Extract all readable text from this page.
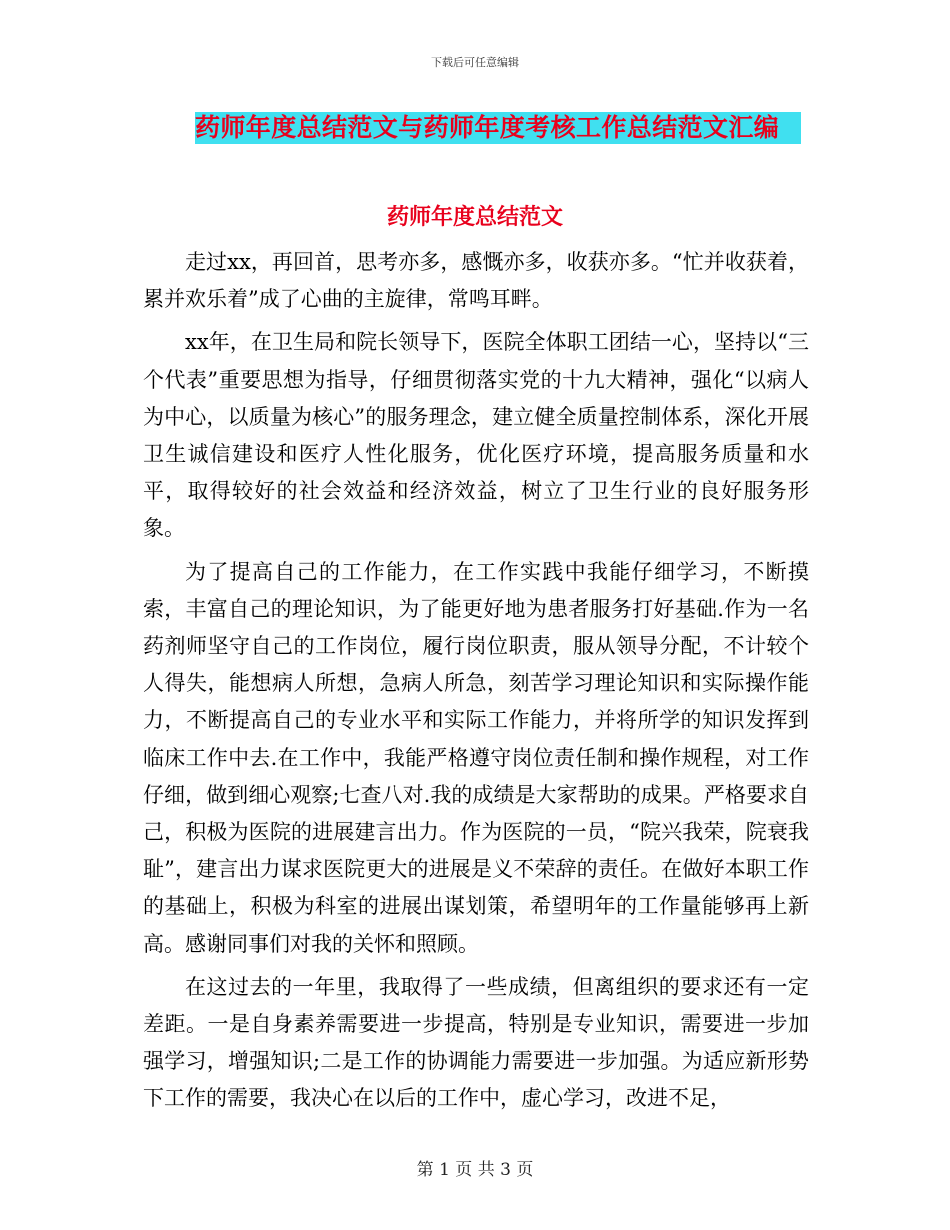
下载后可任意编辑
药师年度总结范文与药师年度考核工作总结范文汇编
药师年度总结范文

走过xx，再回首，思考亦多，感慨亦多，收获亦多。“忙并收获着，累并欢乐着”成了心曲的主旋律，常鸣耳畔。

xx年，在卫生局和院长领导下，医院全体职工团结一心，坚持以“三个代表”重要思想为指导，仔细贯彻落实党的十九大精神，强化“以病人为中心，以质量为核心”的服务理念，建立健全质量控制体系，深化开展卫生诚信建设和医疗人性化服务，优化医疗环境，提高服务质量和水平，取得较好的社会效益和经济效益，树立了卫生行业的良好服务形象。

为了提高自己的工作能力，在工作实践中我能仔细学习，不断摸索，丰富自己的理论知识，为了能更好地为患者服务打好基础.作为一名药剂师坚守自己的工作岗位，履行岗位职责，服从领导分配，不计较个人得失，能想病人所想，急病人所急，刻苦学习理论知识和实际操作能力，不断提高自己的专业水平和实际工作能力，并将所学的知识发挥到临床工作中去.在工作中，我能严格遵守岗位责任制和操作规程，对工作仔细，做到细心观察;七查八对.我的成绩是大家帮助的成果。严格要求自己，积极为医院的进展建言出力。作为医院的一员，“院兴我荣，院衰我耻”，建言出力谋求医院更大的进展是义不荣辞的责任。在做好本职工作的基础上，积极为科室的进展出谋划策，希望明年的工作量能够再上新高。感谢同事们对我的关怀和照顾。

在这过去的一年里，我取得了一些成绩，但离组织的要求还有一定差距。一是自身素养需要进一步提高，特别是专业知识，需要进一步加强学习，增强知识;二是工作的协调能力需要进一步加强。为适应新形势下工作的需要，我决心在以后的工作中，虚心学习，改进不足，

第 1 页 共 3 页
